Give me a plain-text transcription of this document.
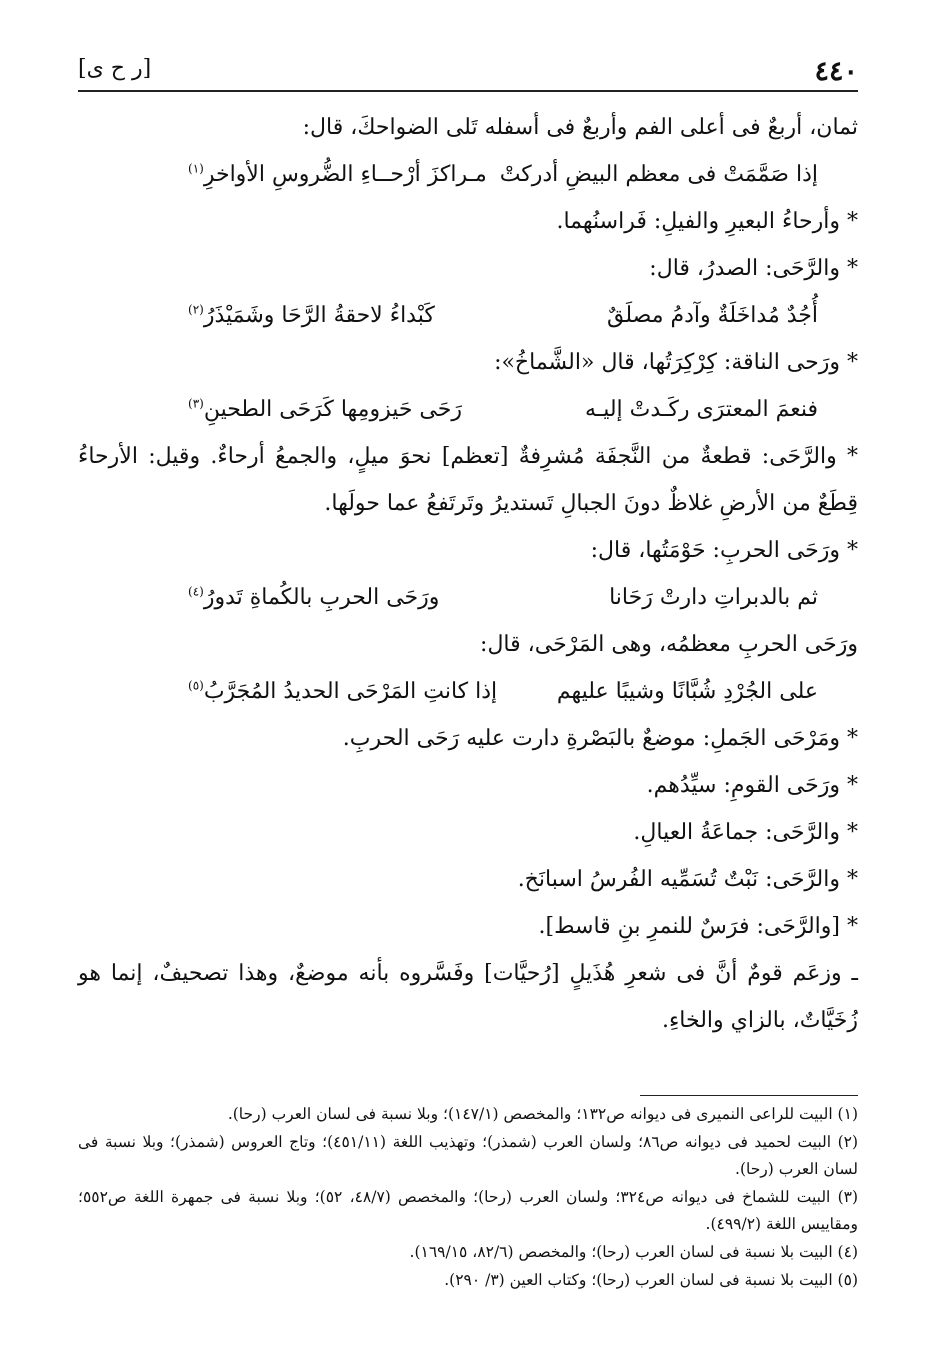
٤٤٠
[ر ح ى]
ثمان، أربعٌ فى أعلى الفم وأربعٌ فى أسفله تَلى الضواحكَ، قال:
إذا صَمَّمَتْ فى معظم البيضِ أدركتْ
مـراكزَ أرْحــاءِ الضُّروسِ الأواخرِ$^{(١)}$
* وأرحاءُ البعيرِ والفيلِ: فَراسنُهما.
* والرَّحَى: الصدرُ، قال:
أُجُدٌ مُداخَلَةٌ وآدمُ مصلَقٌ
كَبْداءُ لاحقةُ الرَّحَا وشَمَيْذَرُ$^{(٢)}$
* ورَحى الناقة: كِرْكِرَتُها، قال «الشَّماخُ»:
فنعمَ المعترَى ركَـدتْ إليـه
رَحَى حَيزومِها كَرَحَى الطحينِ$^{(٣)}$
* والرَّحَى: قطعةٌ من النَّجفَة مُشرِفةٌ [تعظم] نحوَ ميلٍ، والجمعُ أرحاءٌ. وقيل: الأرحاءُ قِطَعٌ من الأرضِ غلاظٌ دونَ الجبالِ تَستديرُ وتَرتَفعُ عما حولَها.
* ورَحَى الحربِ: حَوْمَتُها، قال:
ثم بالدبراتِ دارتْ رَحَانا
ورَحَى الحربِ بالكُماةِ تَدورُ$^{(٤)}$
ورَحَى الحربِ معظمُه، وهى المَرْحَى، قال:
على الجُرْدِ شُبَّانًا وشيبًا عليهم
إذا كانتِ المَرْحَى الحديدُ المُجَرَّبُ$^{(٥)}$
* ومَرْحَى الجَملِ: موضعٌ بالبَصْرةِ دارت عليه رَحَى الحربِ.
* ورَحَى القومِ: سيِّدُهم.
* والرَّحَى: جماعَةُ العيالِ.
* والرَّحَى: نَبْتٌ تُسَمِّيه الفُرسُ اسبانَخ.
* [والرَّحَى: فرَسٌ للنمرِ بنِ قاسط].
ـ وزعَم قومٌ أنَّ فى شعرِ هُذَيلٍ [رُحيَّات] وفَسَّروه بأنه موضعٌ، وهذا تصحيفٌ، إنما هو زُخَيَّاتٌ، بالزاي والخاءِ.

(١) البيت للراعى النميرى فى ديوانه ص١٣٢؛ والمخصص (١٤٧/١)؛ وبلا نسبة فى لسان العرب (رحا).

(٢) البيت لحميد فى ديوانه ص٨٦؛ ولسان العرب (شمذر)؛ وتهذيب اللغة (٤٥١/١١)؛ وتاج العروس (شمذر)؛ وبلا نسبة فى لسان العرب (رحا).

(٣) البيت للشماخ فى ديوانه ص٣٢٤؛ ولسان العرب (رحا)؛ والمخصص (٤٨/٧، ٥٢)؛ وبلا نسبة فى جمهرة اللغة ص٥٥٢؛ ومقاييس اللغة (٤٩٩/٢).

(٤) البيت بلا نسبة فى لسان العرب (رحا)؛ والمخصص (٨٢/٦، ١٦٩/١٥).

(٥) البيت بلا نسبة فى لسان العرب (رحا)؛ وكتاب العين (٣/ ٢٩٠).
